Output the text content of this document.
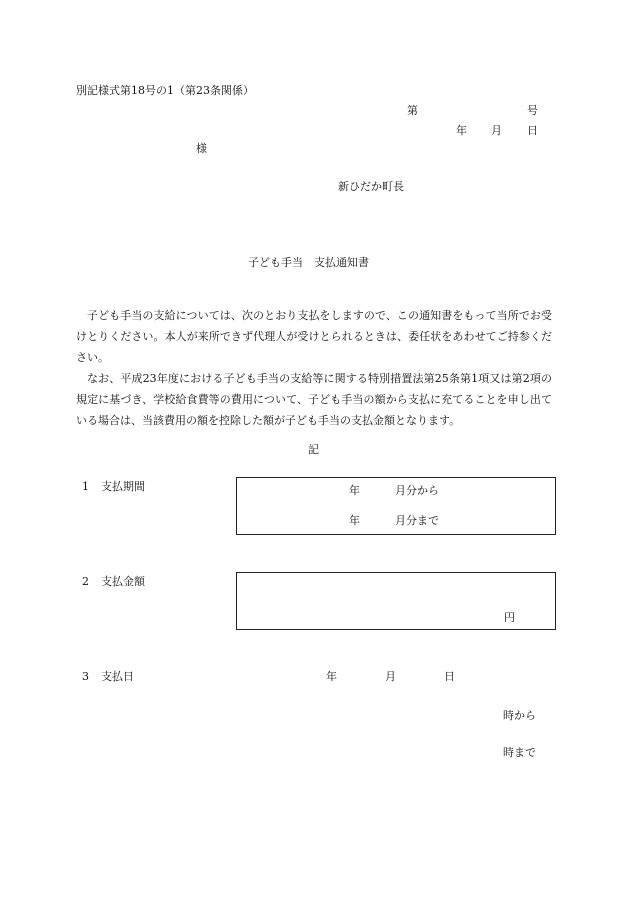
別記様式第18号の1（第23条関係）
第	号
年 月 日
様
新ひだか町長
子ども手当　支払通知書
子ども手当の支給については、次のとおり支払をしますので、この通知書をもって当所でお受けとりください。本人が来所できず代理人が受けとられるときは、委任状をあわせてご持参ください。
なお、平成23年度における子ども手当の支給等に関する特別措置法第25条第1項又は第2項の規定に基づき、学校給食費等の費用について、子ども手当の額から支払に充てることを申し出ている場合は、当該費用の額を控除した額が子ども手当の支払金額となります。
記
1 支払期間	年	月分から
年	月分まで
2 支払金額
円
3 支払日	年	月	日
時から
時まで
